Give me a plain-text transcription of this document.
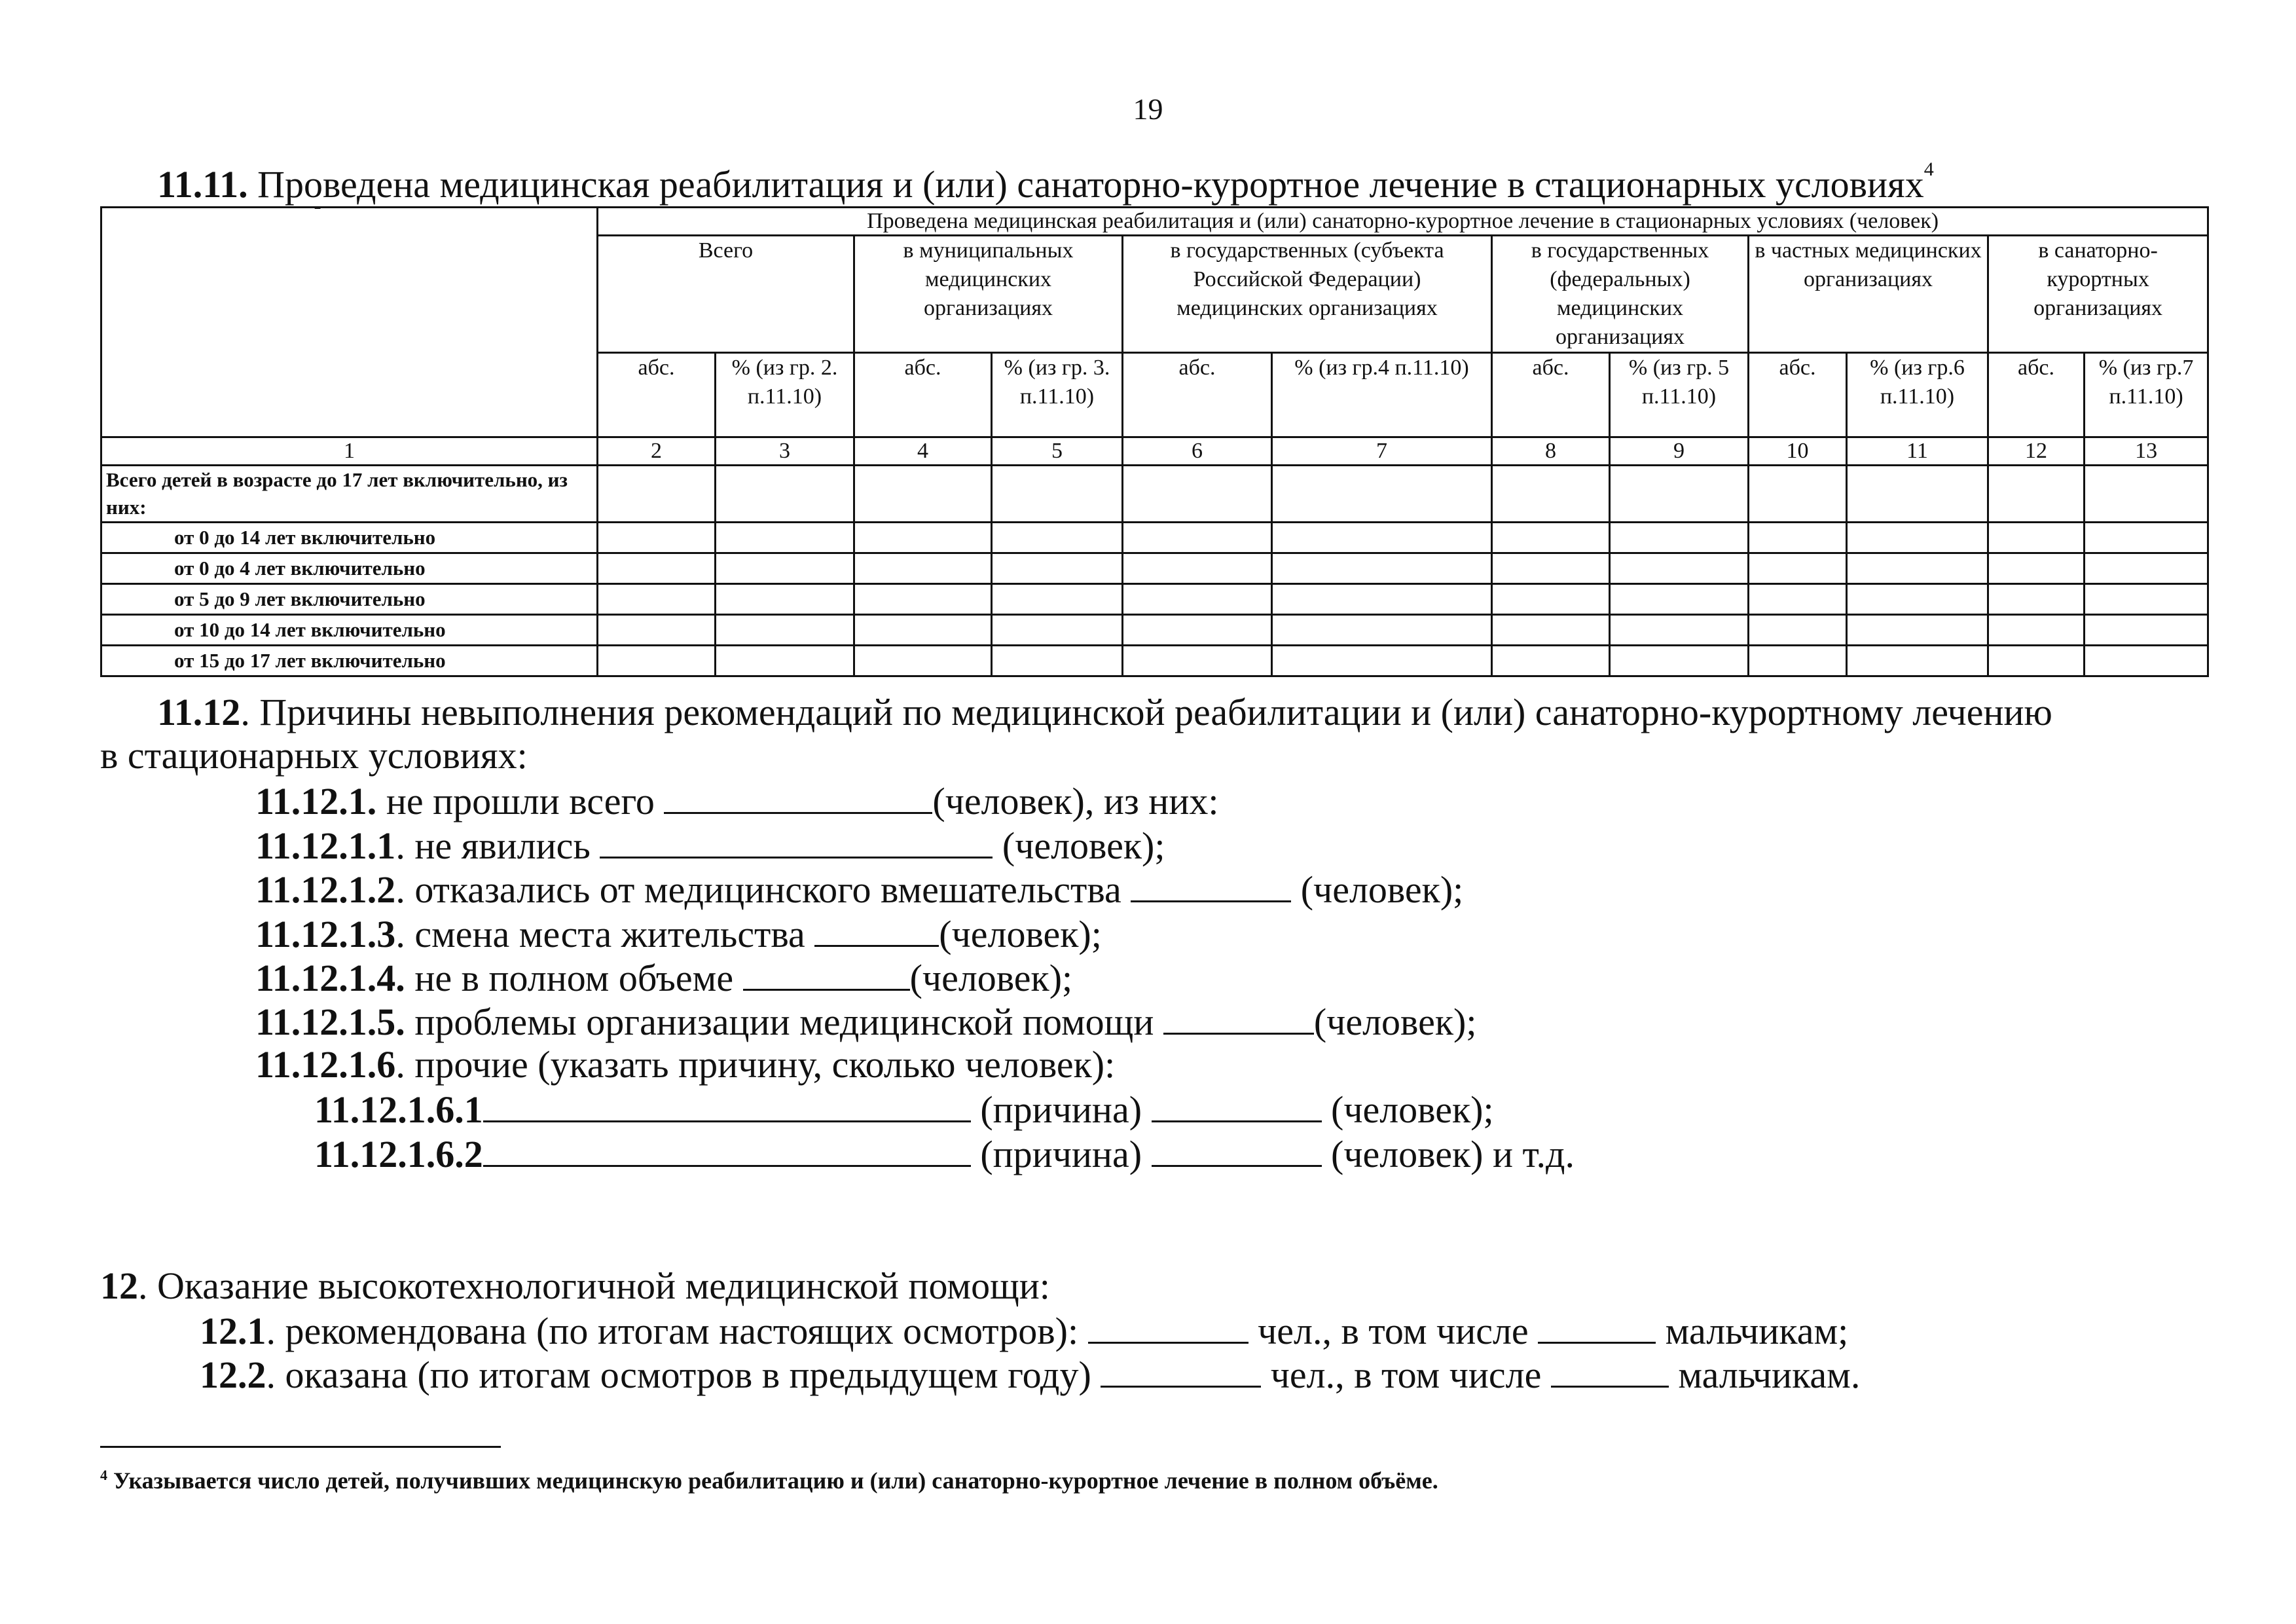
19
11.11. Проведена медицинская реабилитация и (или) санаторно-курортное лечение в стационарных условиях$^4$
	Проведена медицинская реабилитация и (или) санаторно-курортное лечение в стационарных условиях (человек)											
	Всего		в муниципальных медицинских организациях		в государственных (субъекта Российской Федерации) медицинских организациях		в государственных (федеральных) медицинских организациях		в частных медицинских организациях		в санаторно-курортных организациях	
	абс.	% (из гр. 2. п.11.10)	абс.	% (из гр. 3. п.11.10)	абс.	% (из гр.4 п.11.10)	абс.	% (из гр. 5 п.11.10)	абс.	% (из гр.6 п.11.10)	абс.	% (из гр.7 п.11.10)
1	2	3	4	5	6	7	8	9	10	11	12	13
Всего детей в возрасте до 17 лет включительно, из них:												
от 0 до 14 лет включительно												
от 0 до 4 лет включительно												
от 5 до 9 лет включительно												
от 10 до 14 лет включительно												
от 15 до 17 лет включительно												
11.12. Причины невыполнения рекомендаций по медицинской реабилитации и (или) санаторно-курортному лечению
в стационарных условиях:
11.12.1. не прошли всего	(человек), из них:
11.12.1.1. не явились	(человек);
11.12.1.2. отказались от медицинского вмешательства	(человек);
11.12.1.3. смена места жительства	(человек);
11.12.1.4. не в полном объеме	(человек);
11.12.1.5. проблемы организации медицинской помощи	(человек);
11.12.1.6. прочие (указать причину, сколько человек):
11.12.1.6.1	(причина)	(человек);
11.12.1.6.2	(причина)	(человек) и т.д.
12. Оказание высокотехнологичной медицинской помощи:
12.1. рекомендована (по итогам настоящих осмотров):	чел., в том числе	мальчикам;
12.2. оказана (по итогам осмотров в предыдущем году)	чел., в том числе	мальчикам.
$^4$ Указывается число детей, получивших медицинскую реабилитацию и (или) санаторно-курортное лечение в полном объёме.
